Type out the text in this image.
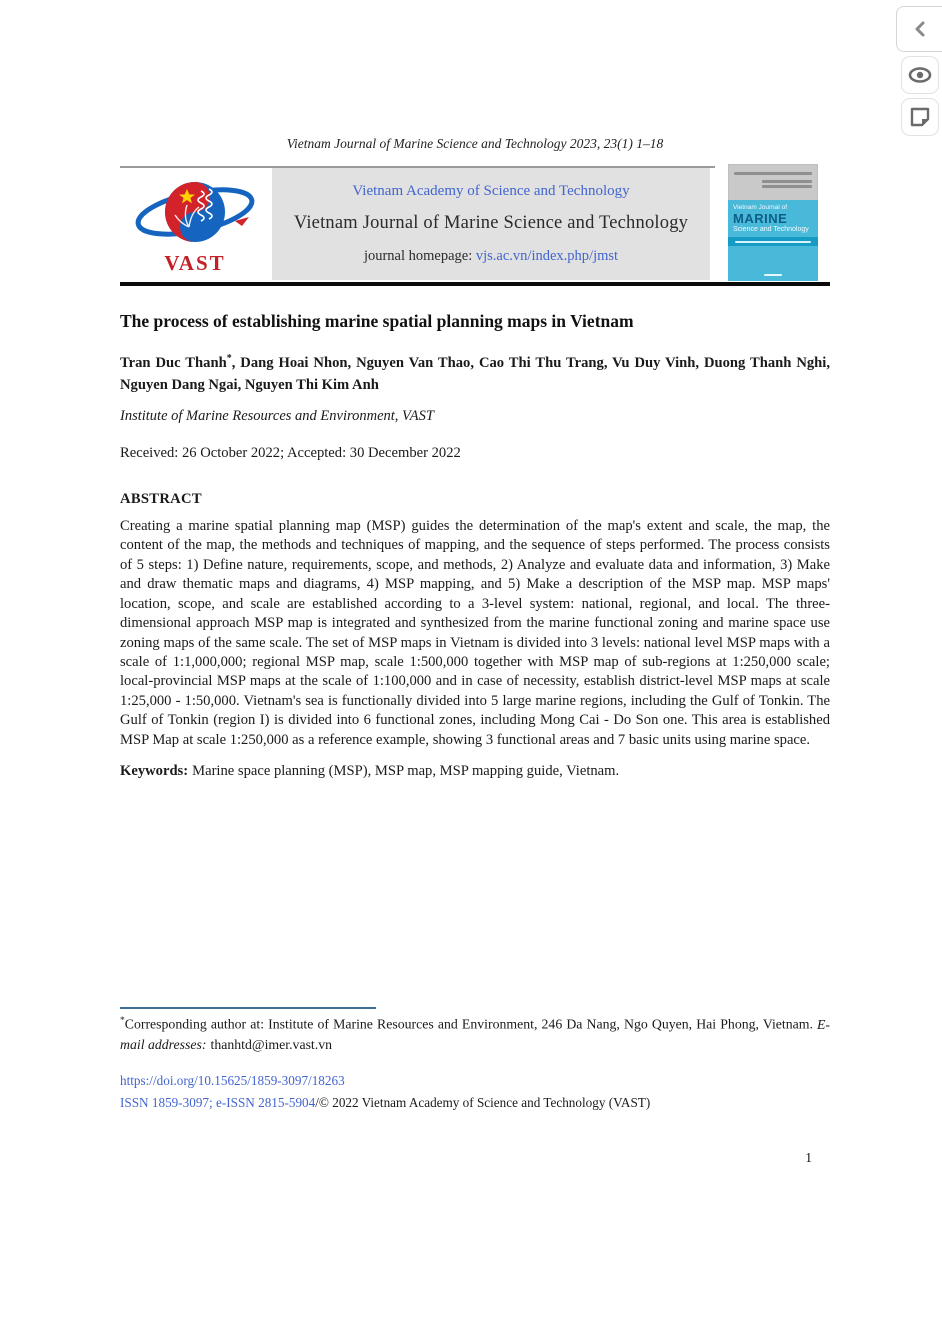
Vietnam Journal of Marine Science and Technology 2023, 23(1) 1–18
VAST
Vietnam Academy of Science and Technology
Vietnam Journal of Marine Science and Technology
journal homepage: vjs.ac.vn/index.php/jmst
Vietnam Journal of
MARINE
Science and Technology
The process of establishing marine spatial planning maps in Vietnam

Tran Duc Thanh*, Dang Hoai Nhon, Nguyen Van Thao, Cao Thi Thu Trang, Vu Duy Vinh, Duong Thanh Nghi, Nguyen Dang Ngai, Nguyen Thi Kim Anh

Institute of Marine Resources and Environment, VAST

Received: 26 October 2022; Accepted: 30 December 2022

ABSTRACT

Creating a marine spatial planning map (MSP) guides the determination of the map's extent and scale, the map, the content of the map, the methods and techniques of mapping, and the sequence of steps performed. The process consists of 5 steps: 1) Define nature, requirements, scope, and methods, 2) Analyze and evaluate data and information, 3) Make and draw thematic maps and diagrams, 4) MSP mapping, and 5) Make a description of the MSP map. MSP maps' location, scope, and scale are established according to a 3-level system: national, regional, and local. The three-dimensional approach MSP map is integrated and synthesized from the marine functional zoning and marine space use zoning maps of the same scale. The set of MSP maps in Vietnam is divided into 3 levels: national level MSP maps with a scale of 1:1,000,000; regional MSP map, scale 1:500,000 together with MSP map of sub-regions at 1:250,000 scale; local-provincial MSP maps at the scale of 1:100,000 and in case of necessity, establish district-level MSP maps at scale 1:25,000 - 1:50,000. Vietnam's sea is functionally divided into 5 large marine regions, including the Gulf of Tonkin. The Gulf of Tonkin (region I) is divided into 6 functional zones, including Mong Cai - Do Son one. This area is established MSP Map at scale 1:250,000 as a reference example, showing 3 functional areas and 7 basic units using marine space.

Keywords: Marine space planning (MSP), MSP map, MSP mapping guide, Vietnam.

*Corresponding author at: Institute of Marine Resources and Environment, 246 Da Nang, Ngo Quyen, Hai Phong, Vietnam. E-mail addresses: thanhtd@imer.vast.vn

https://doi.org/10.15625/1859-3097/18263

ISSN 1859-3097; e-ISSN 2815-5904/© 2022 Vietnam Academy of Science and Technology (VAST)

1
